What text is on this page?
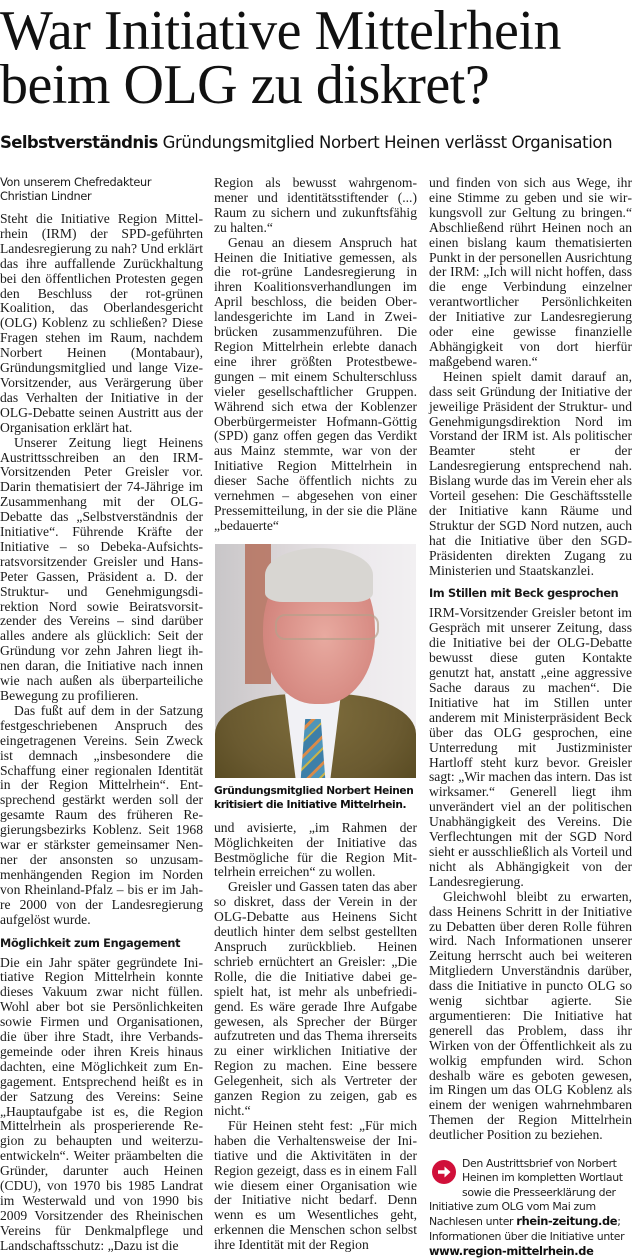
War Initiative Mittelrhein
beim OLG zu diskret?
Selbstverständnis Gründungsmitglied Norbert Heinen verlässt Organisation
Von unserem Chefredakteur
Christian Lindner

Steht die Initiative Region Mittelrhein (IRM) der SPD-geführten Landesregierung zu nah? Und erklärt das ihre auffallende Zurückhaltung bei den öffentlichen Protesten gegen den Beschluss der rot-grünen Koalition, das Oberlandesgericht (OLG) Koblenz zu schließen? Diese Fragen stehen im Raum, nachdem Norbert Heinen (Montabaur), Gründungsmitglied und lange Vize-Vorsitzender, aus Verärgerung über das Verhalten der Initiative in der OLG-Debatte seinen Austritt aus der Organisation erklärt hat.

Unserer Zeitung liegt Heinens Austrittsschreiben an den IRM-Vorsitzenden Peter Greisler vor. Darin thematisiert der 74-Jährige im Zusammenhang mit der OLG-Debatte das „Selbstverständnis der Initiative“. Führende Kräfte der Initiative – so Debeka-Aufsichtsratsvorsitzender Greisler und Hans-Peter Gassen, Präsident a. D. der Struktur- und Genehmigungsdirektion Nord sowie Beiratsvorsitzender des Vereins – sind darüber alles andere als glücklich: Seit der Gründung vor zehn Jahren liegt ihnen daran, die Initiative nach innen wie nach außen als überparteiliche Bewegung zu profilieren.

Das fußt auf dem in der Satzung festgeschriebenen Anspruch des eingetragenen Vereins. Sein Zweck ist demnach „insbesondere die Schaffung einer regionalen Identität in der Region Mittelrhein“. Entsprechend gestärkt werden soll der gesamte Raum des früheren Regierungsbezirks Koblenz. Seit 1968 war er stärkster gemeinsamer Nenner der ansonsten so unzusammenhängenden Region im Norden von Rheinland-Pfalz – bis er im Jahre 2000 von der Landesregierung aufgelöst wurde.

Möglichkeit zum Engagement

Die ein Jahr später gegründete Initiative Region Mittelrhein konnte dieses Vakuum zwar nicht füllen. Wohl aber bot sie Persönlichkeiten sowie Firmen und Organisationen, die über ihre Stadt, ihre Verbandsgemeinde oder ihren Kreis hinaus dachten, eine Möglichkeit zum Engagement. Entsprechend heißt es in der Satzung des Vereins: Seine „Hauptaufgabe ist es, die Region Mittelrhein als prosperierende Region zu behaupten und weiterzuentwickeln“. Weiter präambelten die Gründer, darunter auch Heinen (CDU), von 1970 bis 1985 Landrat im Westerwald und von 1990 bis 2009 Vorsitzender des Rheinischen Vereins für Denkmalpflege und Landschaftsschutz: „Dazu ist die

Region als bewusst wahrgenommener und identitätsstiftender (...) Raum zu sichern und zukunftsfähig zu halten.“

Genau an diesem Anspruch hat Heinen die Initiative gemessen, als die rot-grüne Landesregierung in ihren Koalitionsverhandlungen im April beschloss, die beiden Oberlandesgerichte im Land in Zweibrücken zusammenzuführen. Die Region Mittelrhein erlebte danach eine ihrer größten Protestbewegungen – mit einem Schulterschluss vieler gesellschaftlicher Gruppen. Während sich etwa der Koblenzer Oberbürgermeister Hofmann-Göttig (SPD) ganz offen gegen das Verdikt aus Mainz stemmte, war von der Initiative Region Mittelrhein in dieser Sache öffentlich nichts zu vernehmen – abgesehen von einer Pressemitteilung, in der sie die Pläne „bedauerte“

Gründungsmitglied Norbert Heinen kritisiert die Initiative Mittelrhein.

und avisierte, „im Rahmen der Möglichkeiten der Initiative das Bestmögliche für die Region Mittelrhein erreichen“ zu wollen.

Greisler und Gassen taten das aber so diskret, dass der Verein in der OLG-Debatte aus Heinens Sicht deutlich hinter dem selbst gestellten Anspruch zurückblieb. Heinen schrieb ernüchtert an Greisler: „Die Rolle, die die Initiative dabei gespielt hat, ist mehr als unbefriedigend. Es wäre gerade Ihre Aufgabe gewesen, als Sprecher der Bürger aufzutreten und das Thema ihrerseits zu einer wirklichen Initiative der Region zu machen. Eine bessere Gelegenheit, sich als Vertreter der ganzen Region zu zeigen, gab es nicht.“

Für Heinen steht fest: „Für mich haben die Verhaltensweise der Initiative und die Aktivitäten in der Region gezeigt, dass es in einem Fall wie diesem einer Organisation wie der Initiative nicht bedarf. Denn wenn es um Wesentliches geht, erkennen die Menschen schon selbst ihre Identität mit der Region

und finden von sich aus Wege, ihr eine Stimme zu geben und sie wirkungsvoll zur Geltung zu bringen.“ Abschließend rührt Heinen noch an einen bislang kaum thematisierten Punkt in der personellen Ausrichtung der IRM: „Ich will nicht hoffen, dass die enge Verbindung einzelner verantwortlicher Persönlichkeiten der Initiative zur Landesregierung oder eine gewisse finanzielle Abhängigkeit von dort hierfür maßgebend waren.“

Heinen spielt damit darauf an, dass seit Gründung der Initiative der jeweilige Präsident der Struktur- und Genehmigungsdirektion Nord im Vorstand der IRM ist. Als politischer Beamter steht er der Landesregierung entsprechend nah. Bislang wurde das im Verein eher als Vorteil gesehen: Die Geschäftsstelle der Initiative kann Räume und Struktur der SGD Nord nutzen, auch hat die Initiative über den SGD-Präsidenten direkten Zugang zu Ministerien und Staatskanzlei.

Im Stillen mit Beck gesprochen

IRM-Vorsitzender Greisler betont im Gespräch mit unserer Zeitung, dass die Initiative bei der OLG-Debatte bewusst diese guten Kontakte genutzt hat, anstatt „eine aggressive Sache daraus zu machen“. Die Initiative hat im Stillen unter anderem mit Ministerpräsident Beck über das OLG gesprochen, eine Unterredung mit Justizminister Hartloff steht kurz bevor. Greisler sagt: „Wir machen das intern. Das ist wirksamer.“ Generell liegt ihm unverändert viel an der politischen Unabhängigkeit des Vereins. Die Verflechtungen mit der SGD Nord sieht er ausschließlich als Vorteil und nicht als Abhängigkeit von der Landesregierung.

Gleichwohl bleibt zu erwarten, dass Heinens Schritt in der Initiative zu Debatten über deren Rolle führen wird. Nach Informationen unserer Zeitung herrscht auch bei weiteren Mitgliedern Unverständnis darüber, dass die Initiative in puncto OLG so wenig sichtbar agierte. Sie argumentieren: Die Initiative hat generell das Problem, dass ihr Wirken von der Öffentlichkeit als zu wolkig empfunden wird. Schon deshalb wäre es geboten gewesen, im Ringen um das OLG Koblenz als einem der wenigen wahrnehmbaren Themen der Region Mittelrhein deutlicher Position zu beziehen.

Den Austrittsbrief von Norbert Heinen im kompletten Wortlaut sowie die Presseerklärung der Initiative zum OLG vom Mai zum Nachlesen unter rhein-zeitung.de; Informationen über die Initiative unter www.region-mittelrhein.de
